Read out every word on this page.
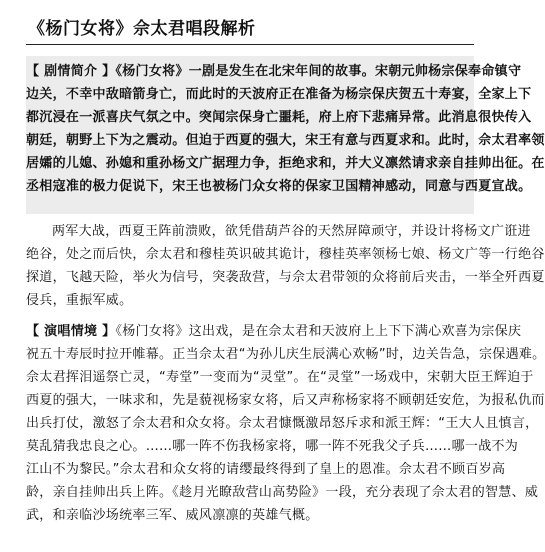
《杨门女将》佘太君唱段解析
【 剧情简介 】《杨门女将》一剧是发生在北宋年间的故事。宋朝元帅杨宗保奉命镇守
边关，不幸中敌暗箭身亡，而此时的天波府正在准备为杨宗保庆贺五十寿宴，全家上下
都沉浸在一派喜庆气氛之中。突闻宗保身亡噩耗，府上府下悲痛异常。此消息很快传入
朝廷，朝野上下为之震动。但迫于西夏的强大，宋王有意与西夏求和。此时，佘太君率领
居孀的儿媳、孙媳和重孙杨文广据理力争，拒绝求和，并大义凛然请求亲自挂帅出征。在
丞相寇准的极力促说下，宋王也被杨门众女将的保家卫国精神感动，同意与西夏宣战。
两军大战，西夏王阵前溃败，欲凭借葫芦谷的天然屏障顽守，并设计将杨文广诳进
绝谷，处之而后快，佘太君和穆桂英识破其诡计，穆桂英率领杨七娘、杨文广等一行绝谷
探道，飞越天险，举火为信号，突袭敌营，与佘太君带领的众将前后夹击，一举全歼西夏
侵兵，重振军威。
【 演唱情境 】《杨门女将》这出戏，是在佘太君和天波府上上下下满心欢喜为宗保庆
祝五十寿辰时拉开帷幕。正当佘太君“为孙儿庆生辰满心欢畅”时，边关告急，宗保遇难。
佘太君挥泪遥祭亡灵，“寿堂”一变而为“灵堂”。在“灵堂”一场戏中，宋朝大臣王辉迫于
西夏的强大，一味求和，先是藐视杨家女将，后又声称杨家将不顾朝廷安危，为报私仇而
出兵打仗，激怒了佘太君和众女将。佘太君慷慨激昂怒斥求和派王辉：“王大人且慎言，
莫乱猜我忠良之心。……哪一阵不伤我杨家将，哪一阵不死我父子兵……哪一战不为
江山不为黎民。”佘太君和众女将的请缨最终得到了皇上的恩准。佘太君不顾百岁高
龄，亲自挂帅出兵上阵。《趁月光瞭敌营山高势险》一段，充分表现了佘太君的智慧、威
武，和亲临沙场统率三军、威风凛凛的英雄气概。
